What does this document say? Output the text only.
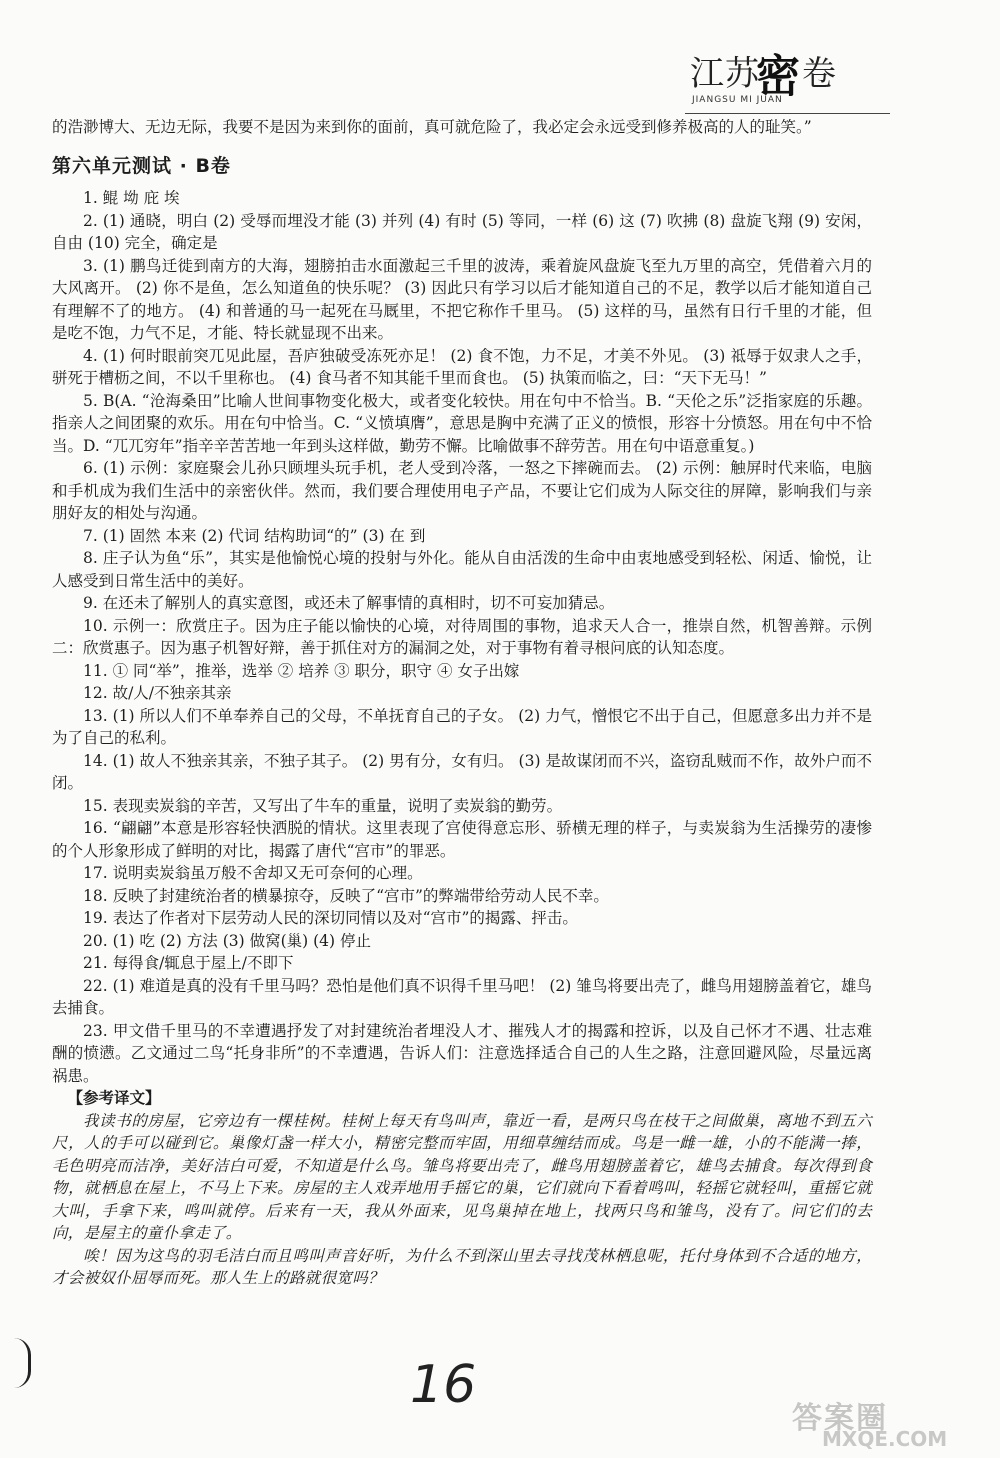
江苏
密 卷
JIANGSU MI JUAN

的浩渺博大、无边无际，我要不是因为来到你的面前，真可就危险了，我必定会永远受到修养极高的人的耻笑。”

第六单元测试 · B卷

1. 鲲 坳 庇 埃

2. (1) 通晓，明白 (2) 受辱而埋没才能 (3) 并列 (4) 有时 (5) 等同，一样 (6) 这 (7) 吹拂 (8) 盘旋飞翔 (9) 安闲，自由 (10) 完全，确定是

3. (1) 鹏鸟迁徙到南方的大海，翅膀拍击水面激起三千里的波涛，乘着旋风盘旋飞至九万里的高空，凭借着六月的大风离开。 (2) 你不是鱼，怎么知道鱼的快乐呢？ (3) 因此只有学习以后才能知道自己的不足，教学以后才能知道自己有理解不了的地方。 (4) 和普通的马一起死在马厩里，不把它称作千里马。 (5) 这样的马，虽然有日行千里的才能，但是吃不饱，力气不足，才能、特长就显现不出来。

4. (1) 何时眼前突兀见此屋，吾庐独破受冻死亦足！ (2) 食不饱，力不足，才美不外见。 (3) 祗辱于奴隶人之手，骈死于槽枥之间，不以千里称也。 (4) 食马者不知其能千里而食也。 (5) 执策而临之，曰：“天下无马！”

5. B(A. “沧海桑田”比喻人世间事物变化极大，或者变化较快。用在句中不恰当。B. “天伦之乐”泛指家庭的乐趣。指亲人之间团聚的欢乐。用在句中恰当。C. “义愤填膺”，意思是胸中充满了正义的愤恨，形容十分愤怒。用在句中不恰当。D. “兀兀穷年”指辛辛苦苦地一年到头这样做，勤劳不懈。比喻做事不辞劳苦。用在句中语意重复。)

6. (1) 示例：家庭聚会儿孙只顾埋头玩手机，老人受到冷落，一怒之下摔碗而去。 (2) 示例：触屏时代来临，电脑和手机成为我们生活中的亲密伙伴。然而，我们要合理使用电子产品，不要让它们成为人际交往的屏障，影响我们与亲朋好友的相处与沟通。

7. (1) 固然 本来 (2) 代词 结构助词“的” (3) 在 到

8. 庄子认为鱼“乐”，其实是他愉悦心境的投射与外化。能从自由活泼的生命中由衷地感受到轻松、闲适、愉悦，让人感受到日常生活中的美好。

9. 在还未了解别人的真实意图，或还未了解事情的真相时，切不可妄加猜忌。

10. 示例一：欣赏庄子。因为庄子能以愉快的心境，对待周围的事物，追求天人合一，推崇自然，机智善辩。示例二：欣赏惠子。因为惠子机智好辩，善于抓住对方的漏洞之处，对于事物有着寻根问底的认知态度。

11. ① 同“举”，推举，选举 ② 培养 ③ 职分，职守 ④ 女子出嫁

12. 故/人/不独亲其亲

13. (1) 所以人们不单奉养自己的父母，不单抚育自己的子女。 (2) 力气，憎恨它不出于自己，但愿意多出力并不是为了自己的私利。

14. (1) 故人不独亲其亲，不独子其子。 (2) 男有分，女有归。 (3) 是故谋闭而不兴，盗窃乱贼而不作，故外户而不闭。

15. 表现卖炭翁的辛苦，又写出了牛车的重量，说明了卖炭翁的勤劳。

16. “翩翩”本意是形容轻快洒脱的情状。这里表现了宫使得意忘形、骄横无理的样子，与卖炭翁为生活操劳的凄惨的个人形象形成了鲜明的对比，揭露了唐代“宫市”的罪恶。

17. 说明卖炭翁虽万般不舍却又无可奈何的心理。

18. 反映了封建统治者的横暴掠夺，反映了“宫市”的弊端带给劳动人民不幸。

19. 表达了作者对下层劳动人民的深切同情以及对“宫市”的揭露、抨击。

20. (1) 吃 (2) 方法 (3) 做窝(巢) (4) 停止

21. 每得食/辄息于屋上/不即下

22. (1) 难道是真的没有千里马吗？恐怕是他们真不识得千里马吧！ (2) 雏鸟将要出壳了，雌鸟用翅膀盖着它，雄鸟去捕食。

23. 甲文借千里马的不幸遭遇抒发了对封建统治者埋没人才、摧残人才的揭露和控诉，以及自己怀才不遇、壮志难酬的愤懑。乙文通过二鸟“托身非所”的不幸遭遇，告诉人们：注意选择适合自己的人生之路，注意回避风险，尽量远离祸患。

【参考译文】

我读书的房屋，它旁边有一棵桂树。桂树上每天有鸟叫声，靠近一看，是两只鸟在枝干之间做巢，离地不到五六尺，人的手可以碰到它。巢像灯盏一样大小，精密完整而牢固，用细草缠结而成。鸟是一雌一雄，小的不能满一捧，毛色明亮而洁净，美好洁白可爱，不知道是什么鸟。雏鸟将要出壳了，雌鸟用翅膀盖着它，雄鸟去捕食。每次得到食物，就栖息在屋上，不马上下来。房屋的主人戏弄地用手摇它的巢，它们就向下看着鸣叫，轻摇它就轻叫，重摇它就大叫，手拿下来，鸣叫就停。后来有一天，我从外面来，见鸟巢掉在地上，找两只鸟和雏鸟，没有了。问它们的去向，是屋主的童仆拿走了。

唉！因为这鸟的羽毛洁白而且鸣叫声音好听，为什么不到深山里去寻找茂林栖息呢，托付身体到不合适的地方，才会被奴仆屈辱而死。那人生上的路就很宽吗？

16
答案圈
MXQE.COM
